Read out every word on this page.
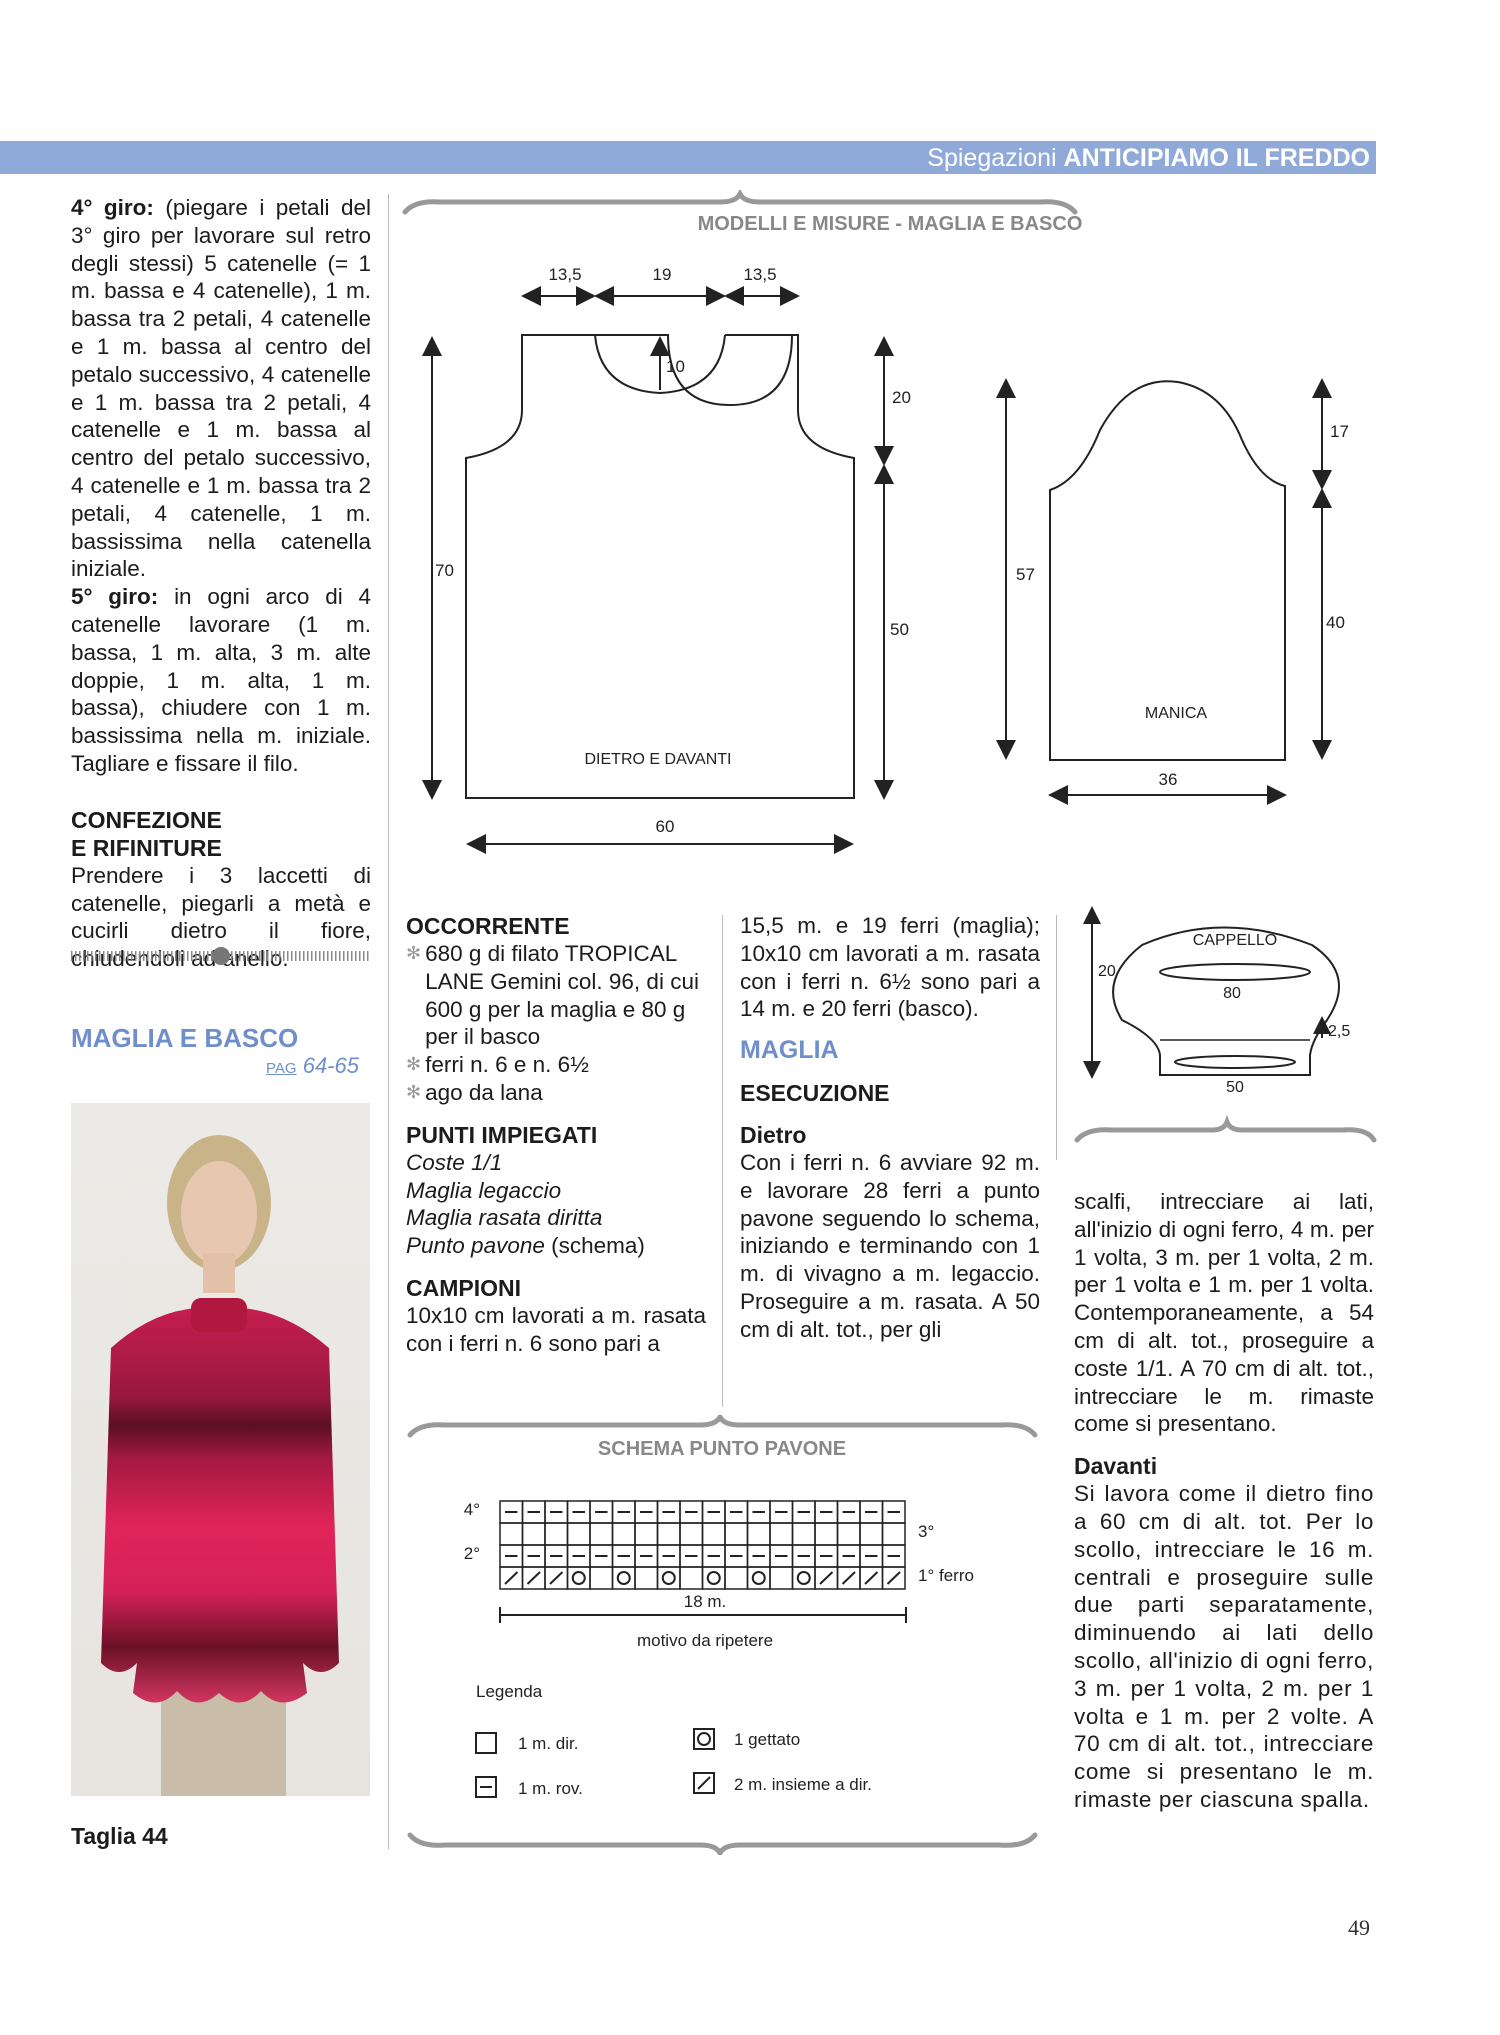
Spiegazioni ANTICIPIAMO IL FREDDO
4° giro: (piegare i petali del 3° giro per lavorare sul retro degli stessi) 5 catenelle (= 1 m. bassa e 4 catenelle), 1 m. bassa tra 2 petali, 4 catenelle e 1 m. bassa al centro del petalo successivo, 4 catenelle e 1 m. bassa tra 2 petali, 4 catenelle e 1 m. bassa al centro del petalo successivo, 4 catenelle e 1 m. bassa tra 2 petali, 4 catenelle, 1 m. bassissima nella catenella iniziale.
5° giro: in ogni arco di 4 catenelle lavorare (1 m. bassa, 1 m. alta, 3 m. alte doppie, 1 m. alta, 1 m. bassa), chiudere con 1 m. bassissima nella m. iniziale. Tagliare e fissare il filo.
CONFEZIONE
E RIFINITURE
Prendere i 3 laccetti di catenelle, piegarli a metà e cucirli dietro il fiore,
MAGLIA E BASCO
PAG 64-65
Taglia 44
MODELLI E MISURE - MAGLIA E BASCO
13,5	19	13,5
10
70
20
50
60
DIETRO E DAVANTI
57
17
40
36
MANICA
OCCORRENTE
✻ 680 g di filato TROPICAL LANE Gemini col. 96, di cui 600 g per la maglia e 80 g per il basco
✻ ferri n. 6 e n. 6½
✻ ago da lana
PUNTI IMPIEGATI
Coste 1/1
Maglia legaccio
Maglia rasata diritta
Punto pavone (schema)
CAMPIONI
10x10 cm lavorati a m. rasata con i ferri n. 6 sono pari a
15,5 m. e 19 ferri (maglia); 10x10 cm lavorati a m. rasata con i ferri n. 6½ sono pari a 14 m. e 20 ferri (basco).
MAGLIA
ESECUZIONE
Dietro
Con i ferri n. 6 avviare 92 m. e lavorare 28 ferri a punto pavone seguendo lo schema, iniziando e terminando con 1 m. di vivagno a m. legaccio. Proseguire a m. rasata. A 50 cm di alt. tot., per gli
20
CAPPELLO
80
2,5
50
scalfi, intrecciare ai lati, all'inizio di ogni ferro, 4 m. per 1 volta, 3 m. per 1 volta, 2 m. per 1 volta e 1 m. per 1 volta. Contemporaneamente, a 54 cm di alt. tot., proseguire a coste 1/1. A 70 cm di alt. tot., intrecciare le m. rimaste come si presentano.
Davanti
Si lavora come il dietro fino a 60 cm di alt. tot. Per lo scollo, intrecciare le 16 m. centrali e proseguire sulle due parti separatamente, diminuendo ai lati dello scollo, all'inizio di ogni ferro, 3 m. per 1 volta, 2 m. per 1 volta e 1 m. per 2 volte. A 70 cm di alt. tot., intrecciare come si presentano le m. rimaste per ciascuna spalla.
SCHEMA PUNTO PAVONE
4°
2°
3°
1° ferro
18 m.
motivo da ripetere
Legenda
1 m. dir.
1 m. rov.
1 gettato
2 m. insieme a dir.
49
